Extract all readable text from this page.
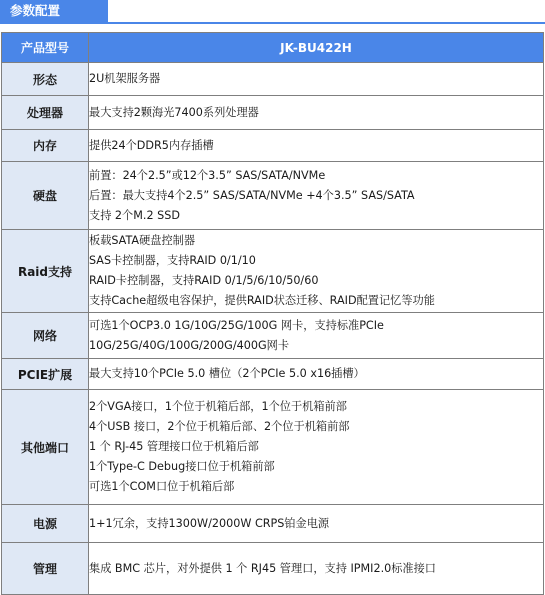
参数配置
产品型号	JK-BU422H
形态	2U机架服务器

处理器	最大支持2颗海光7400系列处理器

内存	提供24个DDR5内存插槽

硬盘	前置：24个2.5”或12个3.5” SAS/SATA/NVMe
后置：最大支持4个2.5” SAS/SATA/NVMe +4个3.5” SAS/SATA
支持 2个M.2 SSD

Raid支持	板载SATA硬盘控制器
SAS卡控制器，支持RAID 0/1/10
RAID卡控制器，支持RAID 0/1/5/6/10/50/60
支持Cache超级电容保护，提供RAID状态迁移、RAID配置记忆等功能

网络	可选1个OCP3.0 1G/10G/25G/100G 网卡，支持标准PCIe
10G/25G/40G/100G/200G/400G网卡

PCIE扩展	最大支持10个PCIe 5.0 槽位（2个PCIe 5.0 x16插槽）

其他端口	2个VGA接口，1个位于机箱后部，1个位于机箱前部
4个USB 接口，2个位于机箱后部、2个位于机箱前部
1 个 RJ-45 管理接口位于机箱后部
1个Type-C Debug接口位于机箱前部
可选1个COM口位于机箱后部

电源	1+1冗余，支持1300W/2000W CRPS铂金电源

管理	集成 BMC 芯片，对外提供 1 个 RJ45 管理口，支持 IPMI2.0标准接口
